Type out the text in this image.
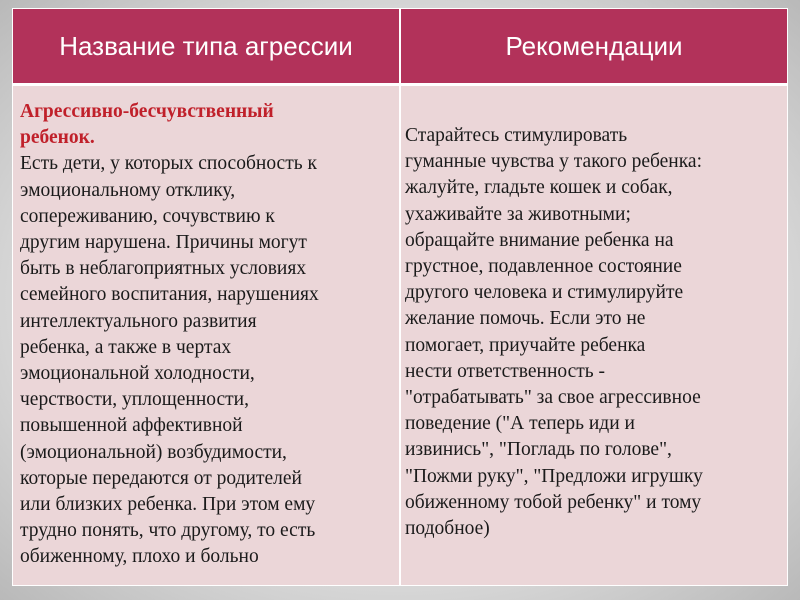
Название типа агрессии	Рекомендации
Агрессивно-бесчувственный
ребенок.
Есть дети, у которых способность к
эмоциональному отклику,
сопереживанию, сочувствию к
другим нарушена. Причины могут
быть в неблагоприятных условиях
семейного воспитания, нарушениях
интеллектуального развития
ребенка, а также в чертах
эмоциональной холодности,
черствости, уплощенности,
повышенной аффективной
(эмоциональной) возбудимости,
которые передаются от родителей
или близких ребенка. При этом ему
трудно понять, что другому, то есть
обиженному, плохо и больно
Старайтесь стимулировать
гуманные чувства у такого ребенка:
жалуйте, гладьте кошек и собак,
ухаживайте за животными;
обращайте внимание ребенка на
грустное, подавленное состояние
другого человека и стимулируйте
желание помочь. Если это не
помогает, приучайте ребенка
нести ответственность -
"отрабатывать" за свое агрессивное
поведение ("А теперь иди и
извинись", "Погладь по голове",
"Пожми руку", "Предложи игрушку
обиженному тобой ребенку" и тому
подобное)
